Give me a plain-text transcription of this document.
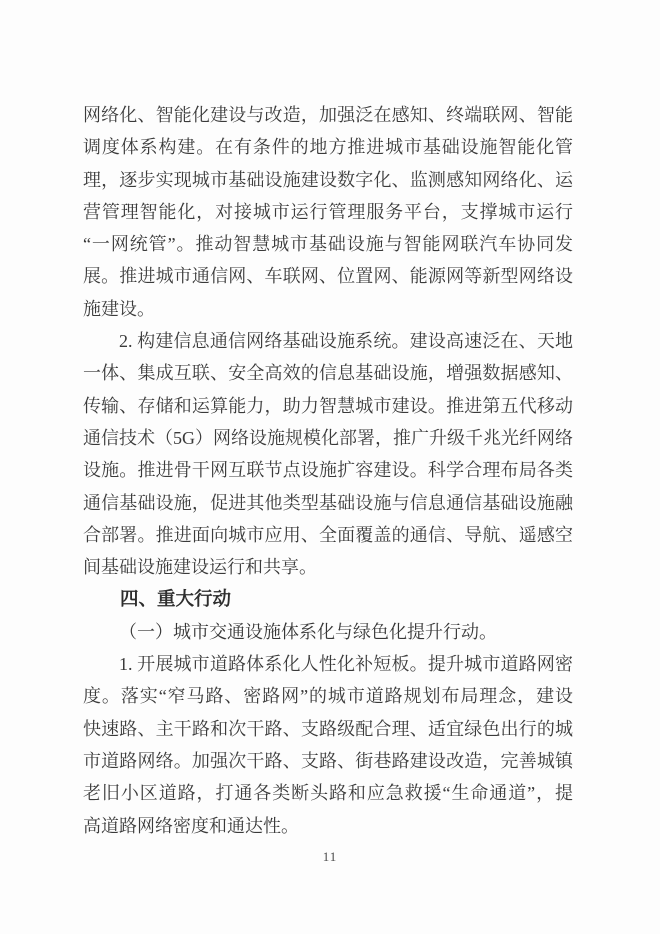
网络化、智能化建设与改造，加强泛在感知、终端联网、智能
调度体系构建。在有条件的地方推进城市基础设施智能化管
理，逐步实现城市基础设施建设数字化、监测感知网络化、运
营管理智能化，对接城市运行管理服务平台，支撑城市运行
“一网统管”。推动智慧城市基础设施与智能网联汽车协同发
展。推进城市通信网、车联网、位置网、能源网等新型网络设
施建设。
2. 构建信息通信网络基础设施系统。建设高速泛在、天地
一体、集成互联、安全高效的信息基础设施，增强数据感知、
传输、存储和运算能力，助力智慧城市建设。推进第五代移动
通信技术（5G）网络设施规模化部署，推广升级千兆光纤网络
设施。推进骨干网互联节点设施扩容建设。科学合理布局各类
通信基础设施，促进其他类型基础设施与信息通信基础设施融
合部署。推进面向城市应用、全面覆盖的通信、导航、遥感空
间基础设施建设运行和共享。
四、重大行动
（一）城市交通设施体系化与绿色化提升行动。
1. 开展城市道路体系化人性化补短板。提升城市道路网密
度。落实“窄马路、密路网”的城市道路规划布局理念，建设
快速路、主干路和次干路、支路级配合理、适宜绿色出行的城
市道路网络。加强次干路、支路、街巷路建设改造，完善城镇
老旧小区道路，打通各类断头路和应急救援“生命通道”，提
高道路网络密度和通达性。
11
